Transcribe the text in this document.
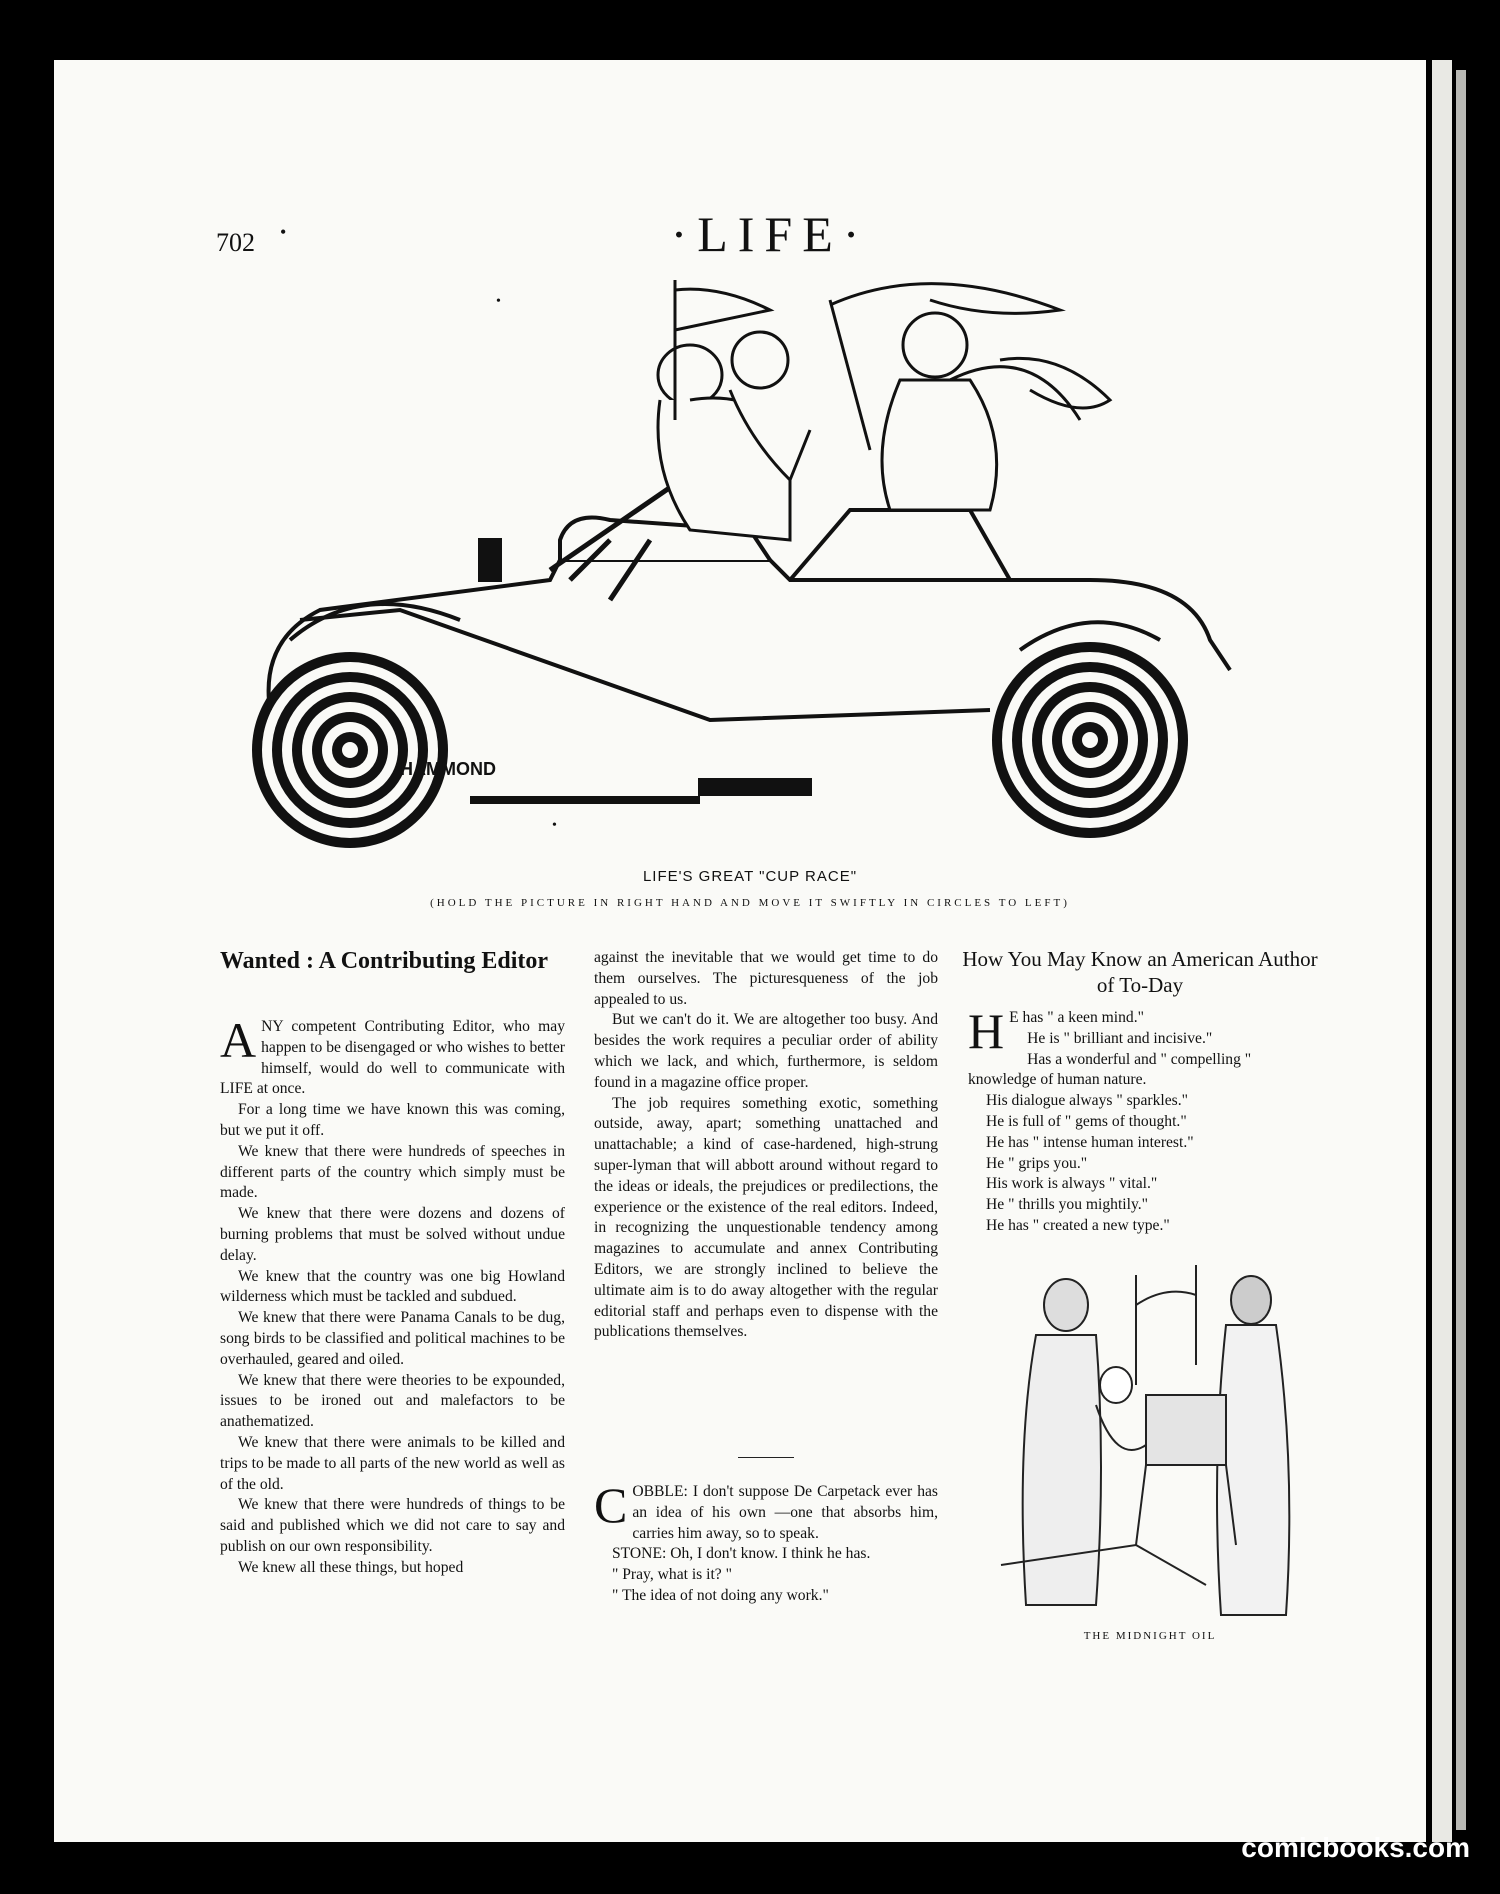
702 •	·LIFE·
•
•
HAMMOND
LIFE'S GREAT "CUP RACE"
(HOLD THE PICTURE IN RIGHT HAND AND MOVE IT SWIFTLY IN CIRCLES TO LEFT)
Wanted : A Contributing Editor

ANY competent Contributing Editor, who may happen to be disengaged or who wishes to better himself, would do well to communicate with LIFE at once.

For a long time we have known this was coming, but we put it off.

We knew that there were hundreds of speeches in different parts of the country which simply must be made.

We knew that there were dozens and dozens of burning problems that must be solved without undue delay.

We knew that the country was one big Howland wilderness which must be tackled and subdued.

We knew that there were Panama Canals to be dug, song birds to be classified and political machines to be overhauled, geared and oiled.

We knew that there were theories to be expounded, issues to be ironed out and malefactors to be anathematized.

We knew that there were animals to be killed and trips to be made to all parts of the new world as well as of the old.

We knew that there were hundreds of things to be said and published which we did not care to say and publish on our own responsibility.

We knew all these things, but hoped

against the inevitable that we would get time to do them ourselves. The picturesqueness of the job appealed to us.

But we can't do it. We are altogether too busy. And besides the work requires a peculiar order of ability which we lack, and which, furthermore, is seldom found in a magazine office proper.

The job requires something exotic, something outside, away, apart; something unattached and unattachable; a kind of case-hardened, high-strung super-lyman that will abbott around without regard to the ideas or ideals, the prejudices or predilections, the experience or the existence of the real editors. Indeed, in recognizing the unquestionable tendency among magazines to accumulate and annex Contributing Editors, we are strongly inclined to believe the ultimate aim is to do away altogether with the regular editorial staff and perhaps even to dispense with the publications themselves.

COBBLE: I don't suppose De Carpetack ever has an idea of his own —one that absorbs him, carries him away, so to speak.

STONE: Oh, I don't know. I think he has.

" Pray, what is it? "

" The idea of not doing any work."

How You May Know an American Author of To-Day

H E has " a keen mind."

He is " brilliant and incisive."

Has a wonderful and " compelling " knowledge of human nature.

His dialogue always " sparkles."

He is full of " gems of thought."

He has " intense human interest."

He " grips you."

His work is always " vital."

He " thrills you mightily."

He has " created a new type."

THE MIDNIGHT OIL
comicbooks.com
